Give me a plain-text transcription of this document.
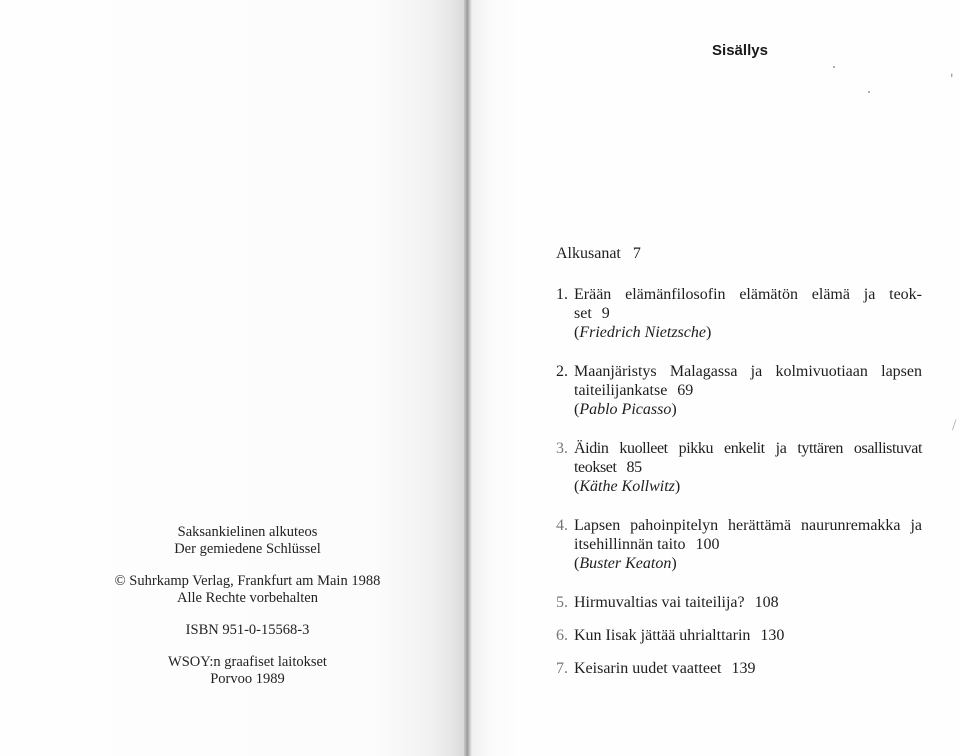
Saksankielinen alkuteos
Der gemiedene Schlüssel
© Suhrkamp Verlag, Frankfurt am Main 1988
Alle Rechte vorbehalten
ISBN 951-0-15568-3
WSOY:n graafiset laitokset
Porvoo 1989
Sisällys
Alkusanat 7
1. Erään elämänfilosofin elämätön elämä ja teok-set 9
(Friedrich Nietzsche)
2. Maanjäristys Malagassa ja kolmivuotiaan lapsen taiteilijankatse 69
(Pablo Picasso)
3. Äidin kuolleet pikku enkelit ja tyttären osallistuvat teokset 85
(Käthe Kollwitz)
4. Lapsen pahoinpitelyn herättämä naurunremakka ja itsehillinnän taito 100
(Buster Keaton)
5. Hirmuvaltias vai taiteilija? 108
6. Kun Iisak jättää uhrialttarin 130
7. Keisarin uudet vaatteet 139
'
/
